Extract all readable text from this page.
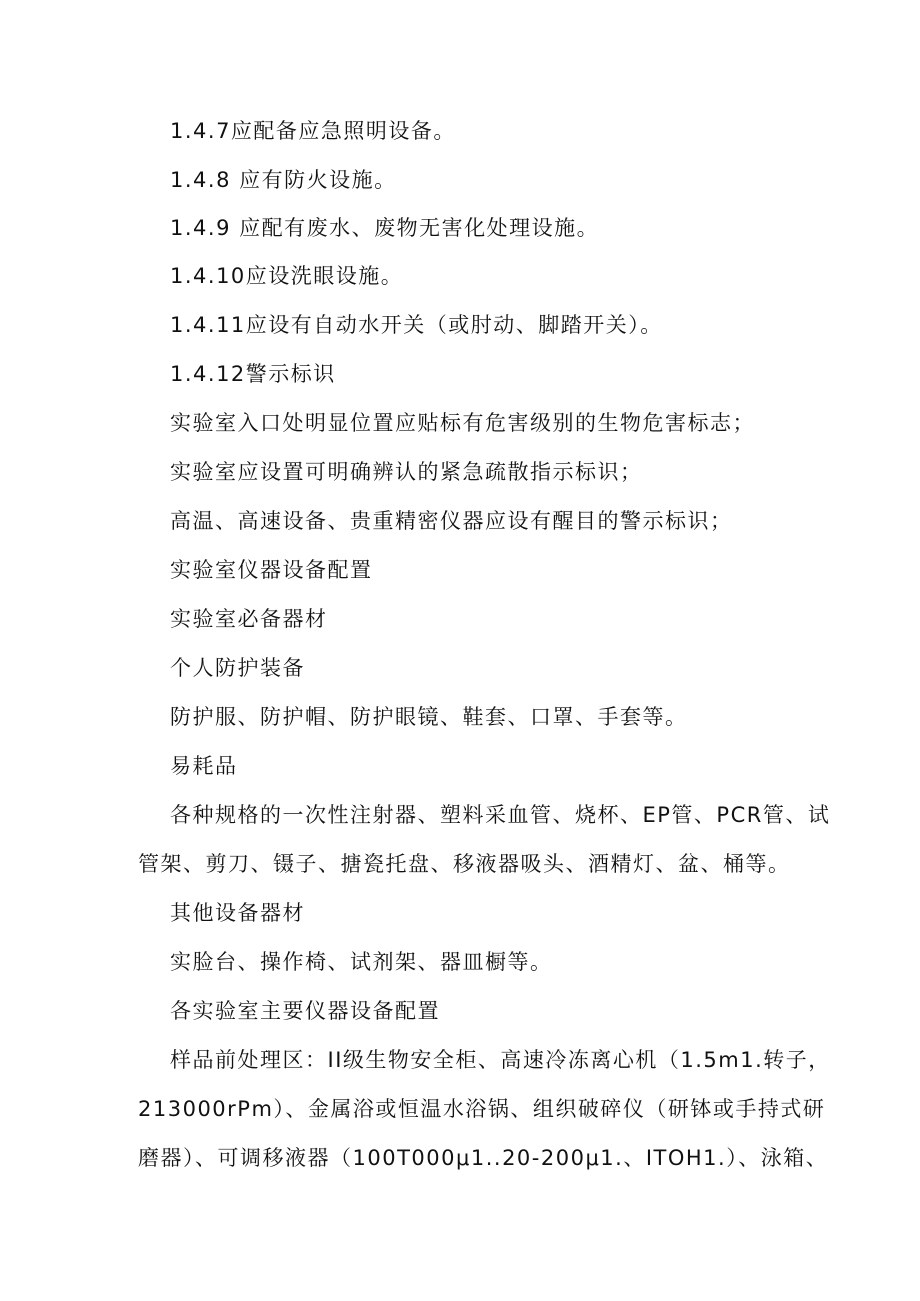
1.4.7应配备应急照明设备。
1.4.8 应有防火设施。
1.4.9 应配有废水、废物无害化处理设施。
1.4.10应设洗眼设施。
1.4.11应设有自动水开关（或肘动、脚踏开关）。
1.4.12警示标识
实验室入口处明显位置应贴标有危害级别的生物危害标志；
实验室应设置可明确辨认的紧急疏散指示标识；
高温、高速设备、贵重精密仪器应设有醒目的警示标识；
实验室仪器设备配置
实验室必备器材
个人防护装备
防护服、防护帽、防护眼镜、鞋套、口罩、手套等。
易耗品
各种规格的一次性注射器、塑料采血管、烧杯、EP管、PCR管、试
管架、剪刀、镊子、搪瓷托盘、移液器吸头、酒精灯、盆、桶等。
其他设备器材
实脸台、操作椅、试剂架、器皿橱等。
各实验室主要仪器设备配置
样品前处理区：II级生物安全柜、高速冷冻离心机（1.5m1.转子，
213000rPm）、金属浴或恒温水浴锅、组织破碎仪（研钵或手持式研
磨器）、可调移液器（100T000μ1..20-200μ1.、ITOH1.）、泳箱、
